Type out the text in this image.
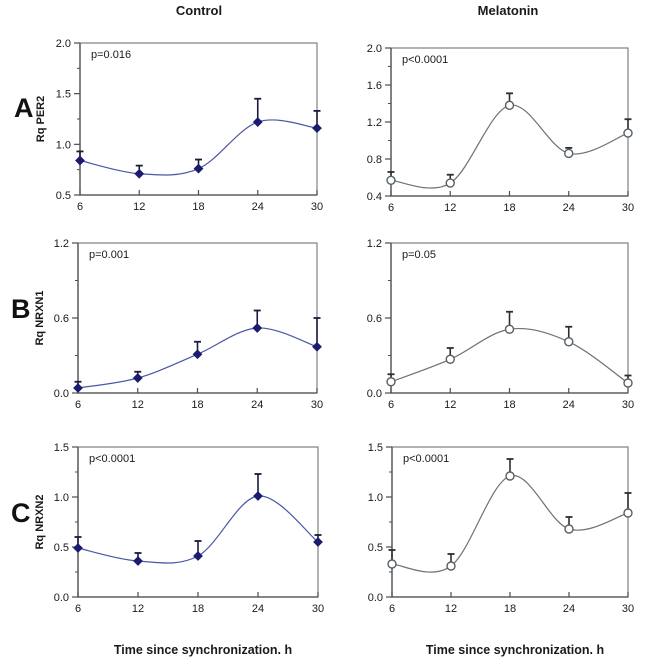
Control	Melatonin
A
B
C
Rq PER2
Rq NRXN1
Rq NRXN2
Time since synchronization. h	Time since synchronization. h
0.5
1.0
1.5
2.0
6	12	18	24	30
p=0.016
0.4
0.8
1.2
1.6
2.0
6	12	18	24	30
p<0.0001
0.0
0.6
1.2
6	12	18	24	30
p=0.001
0.0
0.6
1.2
6	12	18	24	30
p=0.05
0.0
0.5
1.0
1.5
6	12	18	24	30
p<0.0001
0.0
0.5
1.0
1.5
6	12	18	24	30
p<0.0001
